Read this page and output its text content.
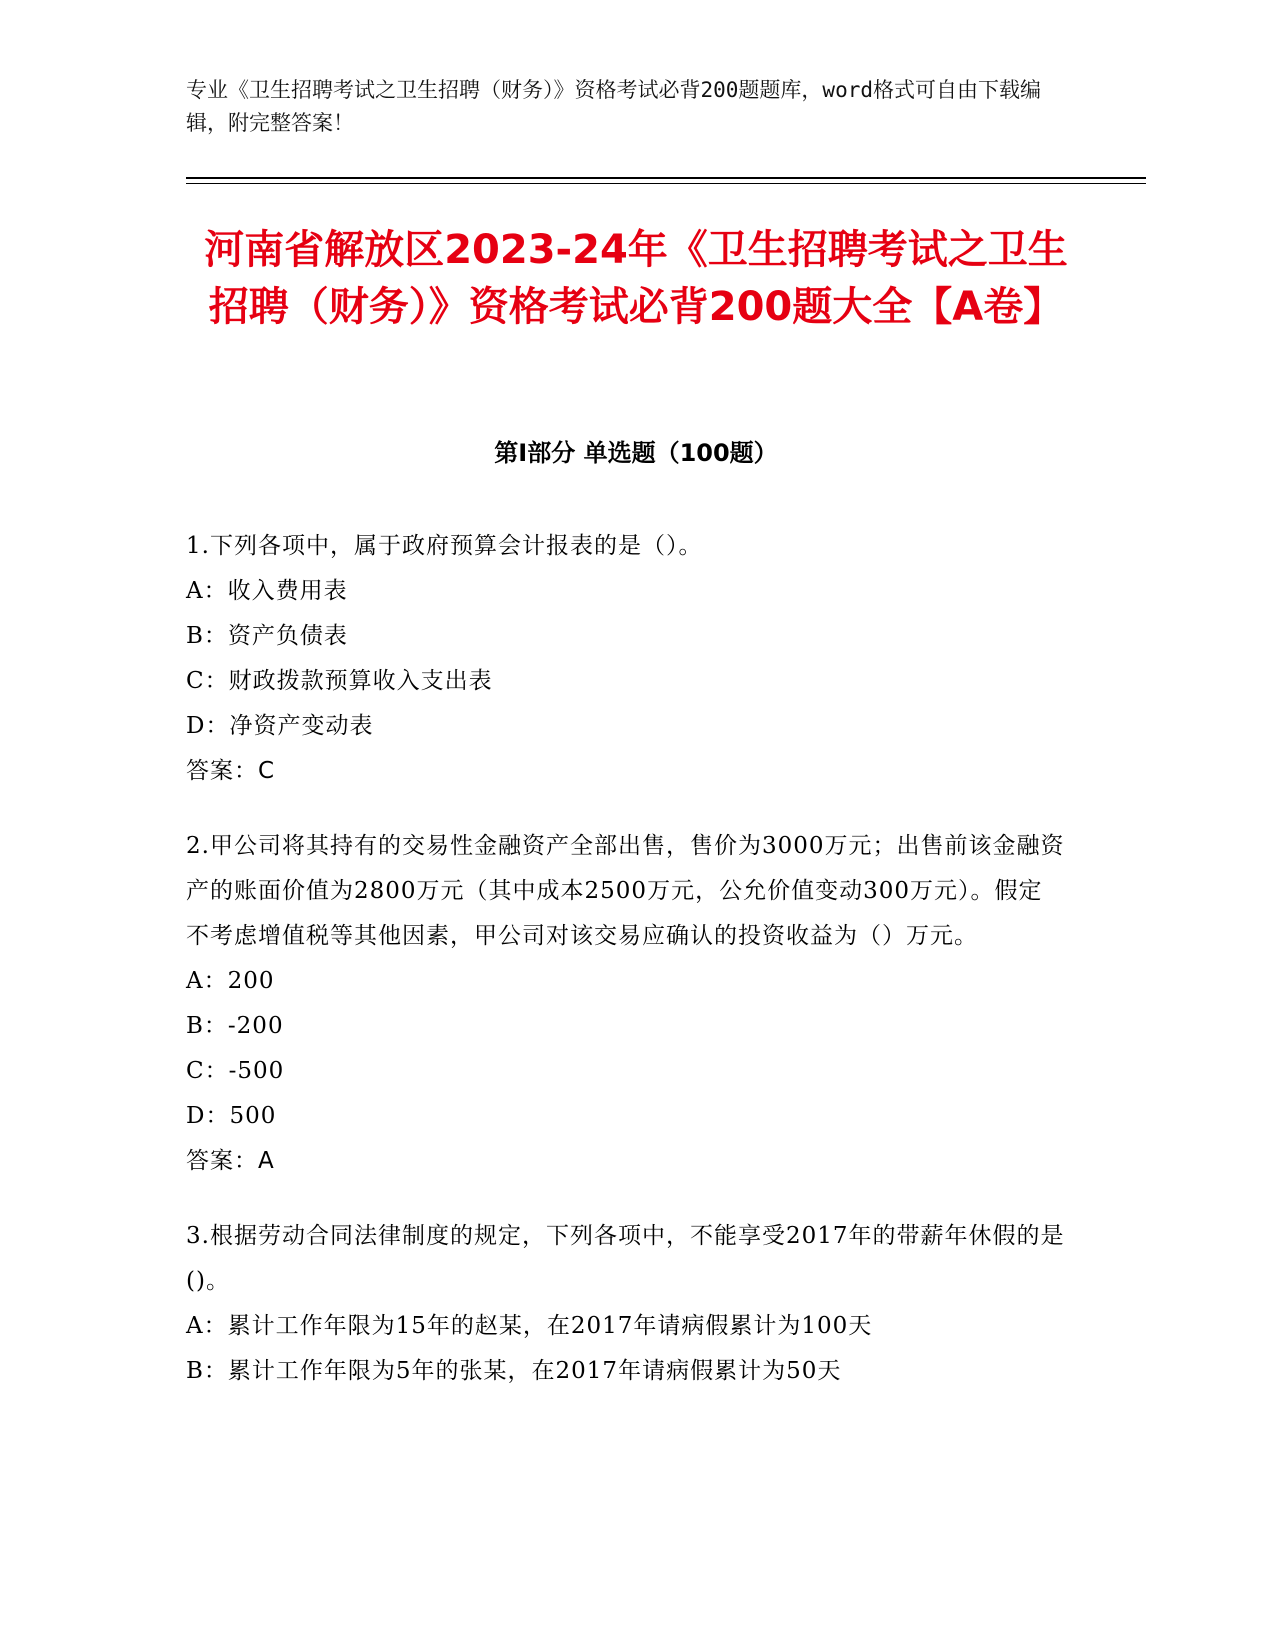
专业《卫生招聘考试之卫生招聘（财务）》资格考试必背200题题库，word格式可自由下载编辑，附完整答案！
河南省解放区2023-24年《卫生招聘考试之卫生招聘（财务）》资格考试必背200题大全【A卷】
第Ⅰ部分 单选题（100题）
1.下列各项中，属于政府预算会计报表的是（）。
A：收入费用表
B：资产负债表
C：财政拨款预算收入支出表
D：净资产变动表
答案：C
2.甲公司将其持有的交易性金融资产全部出售，售价为3000万元；出售前该金融资产的账面价值为2800万元（其中成本2500万元，公允价值变动300万元）。假定不考虑增值税等其他因素，甲公司对该交易应确认的投资收益为（）万元。
A：200
B：-200
C：-500
D：500
答案：A
3.根据劳动合同法律制度的规定，下列各项中，不能享受2017年的带薪年休假的是()。
A：累计工作年限为15年的赵某，在2017年请病假累计为100天
B：累计工作年限为5年的张某，在2017年请病假累计为50天
